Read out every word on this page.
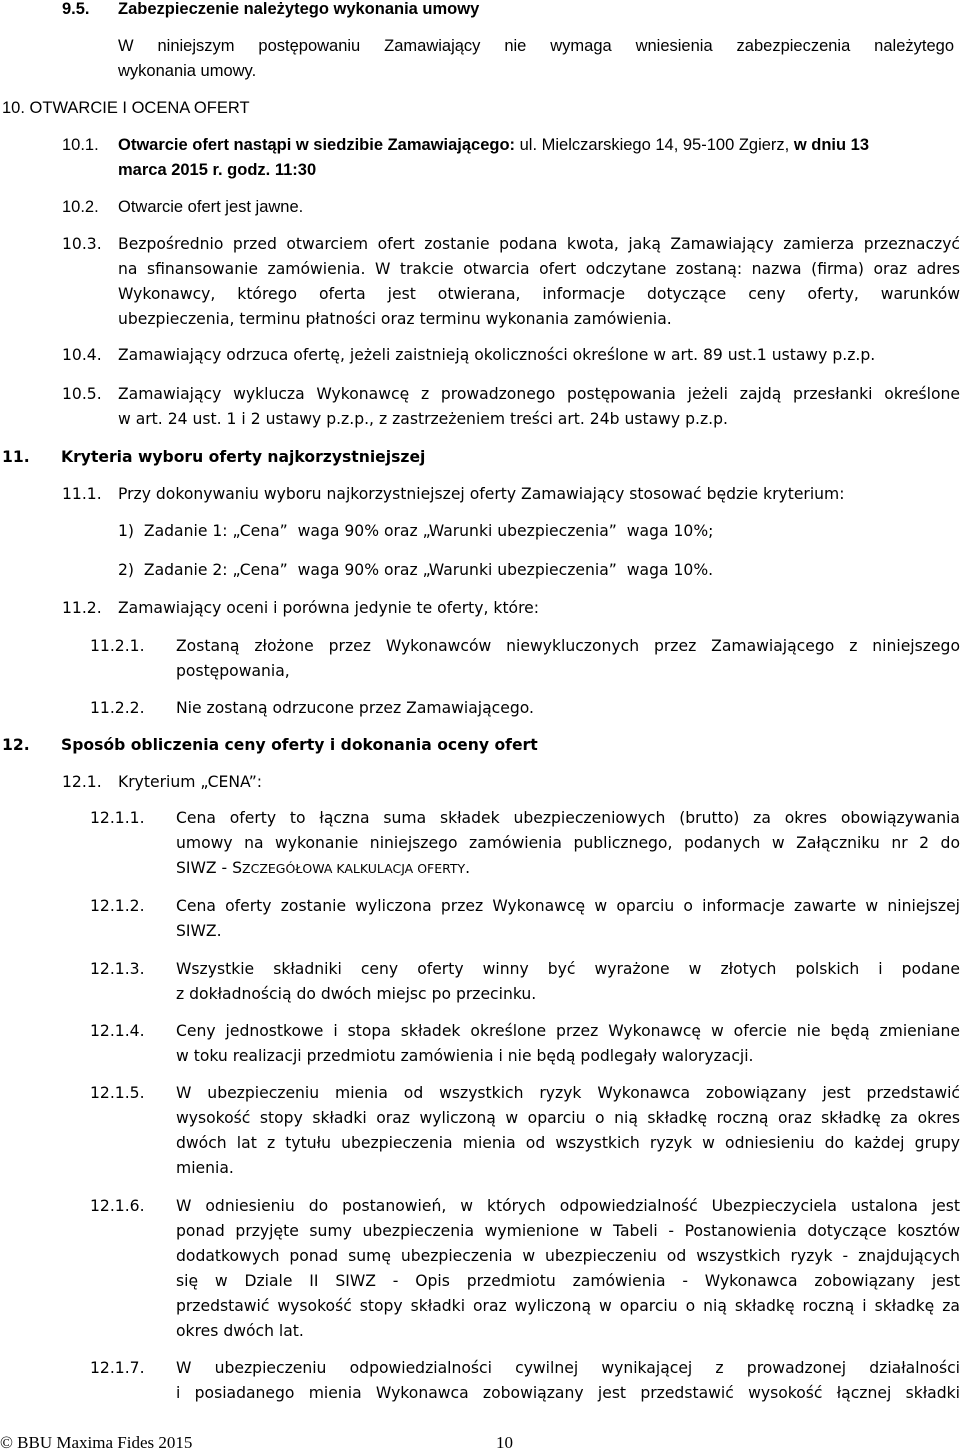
9.5. Zabezpieczenie należytego wykonania umowy
W niniejszym postępowaniu Zamawiający nie wymaga wniesienia zabezpieczenia należytego
wykonania umowy.
10. OTWARCIE I OCENA OFERT
10.1. Otwarcie ofert nastąpi w siedzibie Zamawiającego: ul. Mielczarskiego 14, 95-100 Zgierz, w dniu 13
marca 2015 r. godz. 11:30
10.2. Otwarcie ofert jest jawne.
10.3. Bezpośrednio przed otwarciem ofert zostanie podana kwota, jaką Zamawiający zamierza przeznaczyć
na sfinansowanie zamówienia. W trakcie otwarcia ofert odczytane zostaną: nazwa (firma) oraz adres
Wykonawcy, którego oferta jest otwierana, informacje dotyczące ceny oferty, warunków
ubezpieczenia, terminu płatności oraz terminu wykonania zamówienia.
10.4. Zamawiający odrzuca ofertę, jeżeli zaistnieją okoliczności określone w art. 89 ust.1 ustawy p.z.p.
10.5. Zamawiający wyklucza Wykonawcę z prowadzonego postępowania jeżeli zajdą przesłanki określone
w art. 24 ust. 1 i 2 ustawy p.z.p., z zastrzeżeniem treści art. 24b ustawy p.z.p.
11. Kryteria wyboru oferty najkorzystniejszej
11.1. Przy dokonywaniu wyboru najkorzystniejszej oferty Zamawiający stosować będzie kryterium:
1)  Zadanie 1: „Cena”  waga 90% oraz „Warunki ubezpieczenia”  waga 10%;
2)  Zadanie 2: „Cena”  waga 90% oraz „Warunki ubezpieczenia”  waga 10%.
11.2. Zamawiający oceni i porówna jedynie te oferty, które:
11.2.1. Zostaną złożone przez Wykonawców niewykluczonych przez Zamawiającego z niniejszego
postępowania,
11.2.2. Nie zostaną odrzucone przez Zamawiającego.
12. Sposób obliczenia ceny oferty i dokonania oceny ofert
12.1. Kryterium „CENA”:
12.1.1. Cena oferty to łączna suma składek ubezpieczeniowych (brutto) za okres obowiązywania
umowy na wykonanie niniejszego zamówienia publicznego, podanych w Załączniku nr 2 do
SIWZ - SZCZEGÓŁOWA KALKULACJA OFERTY.
12.1.2. Cena oferty zostanie wyliczona przez Wykonawcę w oparciu o informacje zawarte w niniejszej
SIWZ.
12.1.3. Wszystkie składniki ceny oferty winny być wyrażone w złotych polskich i podane
z dokładnością do dwóch miejsc po przecinku.
12.1.4. Ceny jednostkowe i stopa składek określone przez Wykonawcę w ofercie nie będą zmieniane
w toku realizacji przedmiotu zamówienia i nie będą podlegały waloryzacji.
12.1.5. W ubezpieczeniu mienia od wszystkich ryzyk Wykonawca zobowiązany jest przedstawić
wysokość stopy składki oraz wyliczoną w oparciu o nią składkę roczną oraz składkę za okres
dwóch lat z tytułu ubezpieczenia mienia od wszystkich ryzyk w odniesieniu do każdej grupy
mienia.
12.1.6. W odniesieniu do postanowień, w których odpowiedzialność Ubezpieczyciela ustalona jest
ponad przyjęte sumy ubezpieczenia wymienione w Tabeli - Postanowienia dotyczące kosztów
dodatkowych ponad sumę ubezpieczenia w ubezpieczeniu od wszystkich ryzyk - znajdujących
się w Dziale II SIWZ - Opis przedmiotu zamówienia - Wykonawca zobowiązany jest
przedstawić wysokość stopy składki oraz wyliczoną w oparciu o nią składkę roczną i składkę za
okres dwóch lat.
12.1.7. W ubezpieczeniu odpowiedzialności cywilnej wynikającej z prowadzonej działalności
i posiadanego mienia Wykonawca zobowiązany jest przedstawić wysokość łącznej składki
© BBU Maxima Fides 2015	10
